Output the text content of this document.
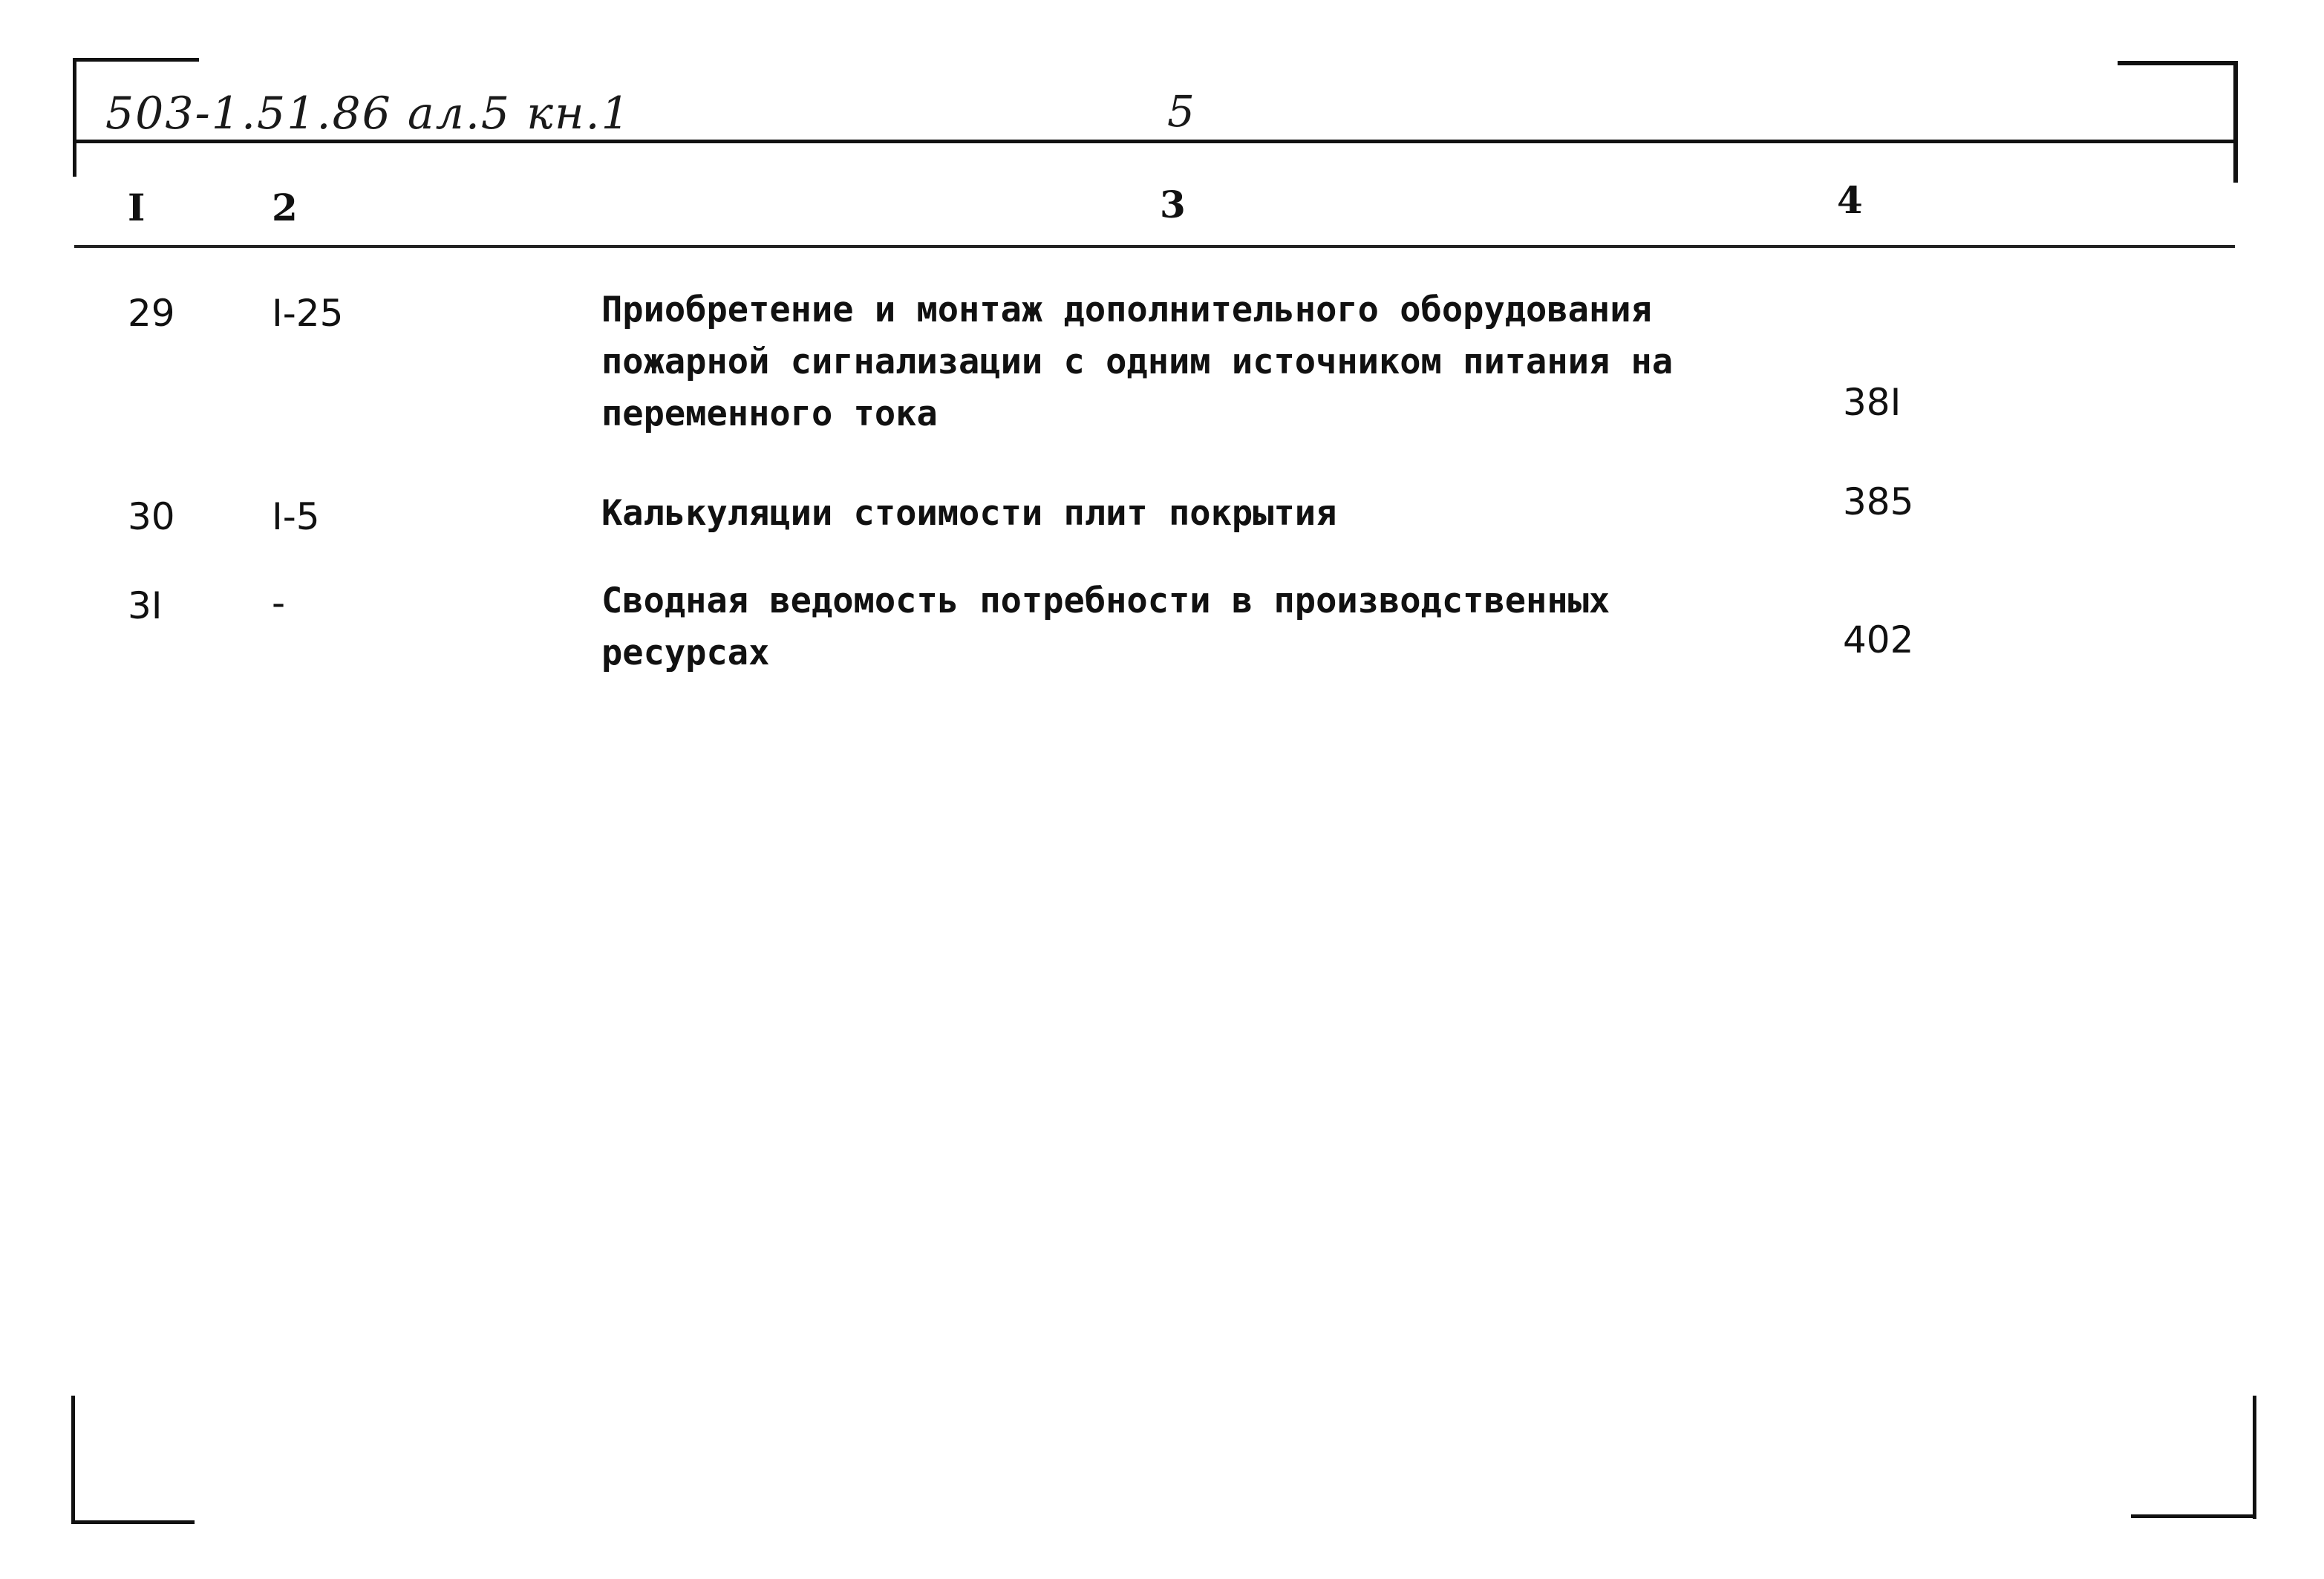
503-1.51.86 ал.5 кн.1	5
I	2	3	4
29	I-25	Приобретение и монтаж дополнительного оборудования
пожарной сигнализации с одним источником питания на
переменного тока	38I
30	I-5	Калькуляции стоимости плит покрытия	385
3I	-	Сводная ведомость потребности в производственных
ресурсах	402
